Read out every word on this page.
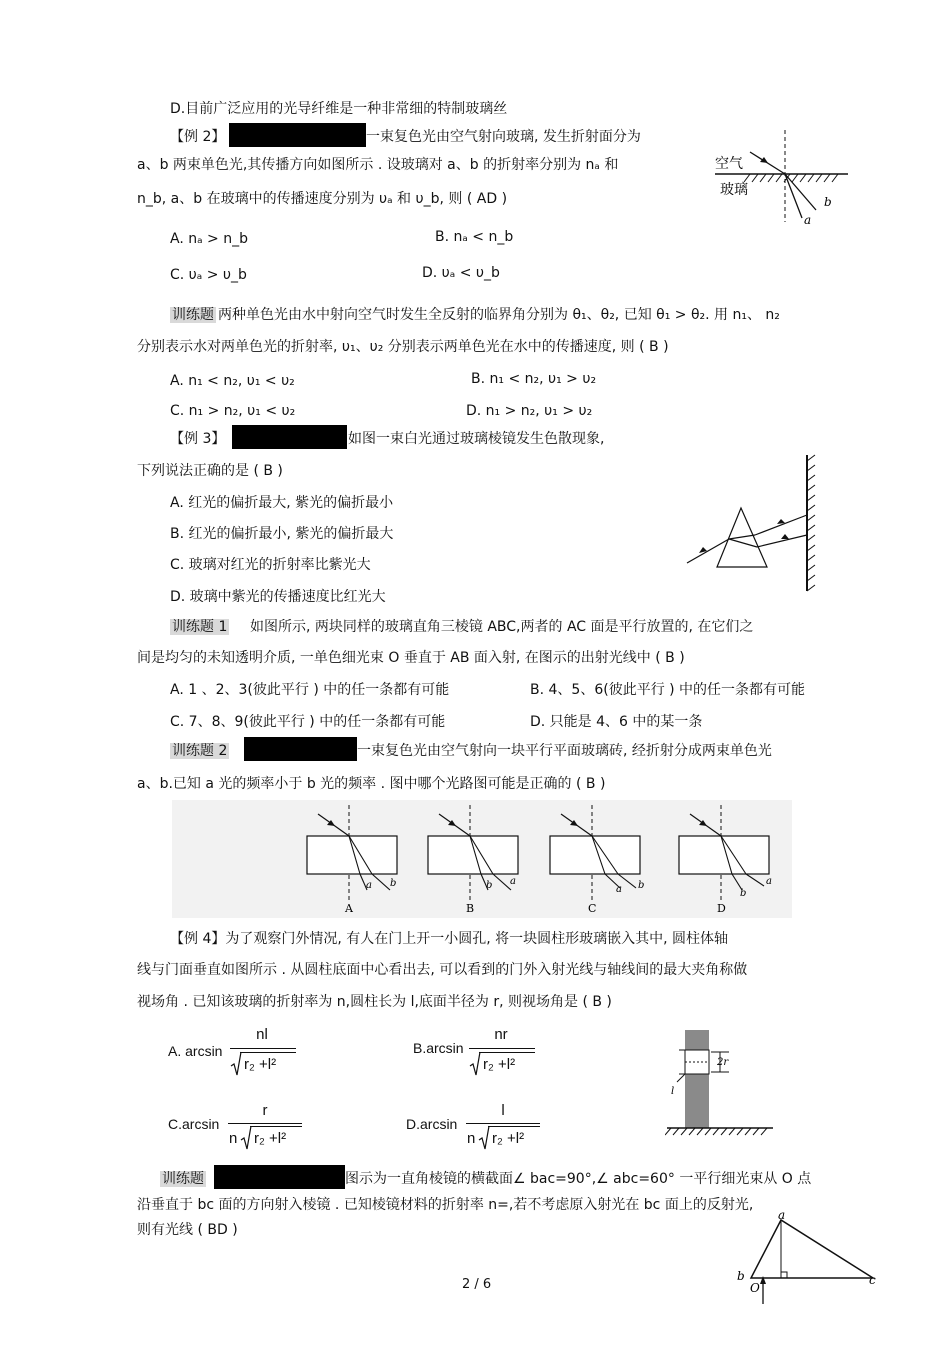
D.目前广泛应用的光导纤维是一种非常细的特制玻璃丝
【例 2】	一束复色光由空气射向玻璃, 发生折射面分为
a、b 两束单色光,其传播方向如图所示 . 设玻璃对 a、b 的折射率分别为 nₐ 和
n_b, a、b 在玻璃中的传播速度分别为 υₐ 和 υ_b, 则 ( AD )
A. nₐ > n_b	B. nₐ < n_b
C. υₐ > υ_b	D. υₐ < υ_b
空气
玻璃
a
b
训练题 两种单色光由水中射向空气时发生全反射的临界角分别为 θ₁、θ₂, 已知 θ₁ > θ₂. 用 n₁、 n₂
分别表示水对两单色光的折射率, υ₁、υ₂ 分别表示两单色光在水中的传播速度, 则 ( B )
A. n₁ < n₂, υ₁ < υ₂	B. n₁ < n₂, υ₁ > υ₂
C. n₁ > n₂, υ₁ < υ₂	D. n₁ > n₂, υ₁ > υ₂
【例 3】	如图一束白光通过玻璃棱镜发生色散现象,
下列说法正确的是 ( B )
A. 红光的偏折最大, 紫光的偏折最小
B. 红光的偏折最小, 紫光的偏折最大
C. 玻璃对红光的折射率比紫光大
D. 玻璃中紫光的传播速度比红光大
训练题 1 如图所示, 两块同样的玻璃直角三棱镜 ABC,两者的 AC 面是平行放置的, 在它们之
间是均匀的未知透明介质, 一单色细光束 O 垂直于 AB 面入射, 在图示的出射光线中 ( B )
A. 1 、2、3(彼此平行 ) 中的任一条都有可能	B. 4、5、6(彼此平行 ) 中的任一条都有可能
C. 7、8、9(彼此平行 ) 中的任一条都有可能	D. 只能是 4、6 中的某一条
训练题 2	一束复色光由空气射向一块平行平面玻璃砖, 经折射分成两束单色光
a、b.已知 a 光的频率小于 b 光的频率 . 图中哪个光路图可能是正确的 ( B )
a b
A
b a
B
a b
C
b
a
D
【例 4】为了观察门外情况, 有人在门上开一小圆孔, 将一块圆柱形玻璃嵌入其中, 圆柱体轴
线与门面垂直如图所示 . 从圆柱底面中心看出去, 可以看到的门外入射光线与轴线间的最大夹角称做
视场角 . 已知该玻璃的折射率为 n,圆柱长为 l,底面半径为 r, 则视场角是 ( B )
A. arcsin
nl
r₂ +l²
B.arcsin
nr
r₂ +l²
C.arcsin
r
n r₂ +l²
D.arcsin
l
n r₂ +l²
2r
l
训练题	图示为一直角棱镜的横截面∠ bac=90°,∠ abc=60° 一平行细光束从 O 点
沿垂直于 bc 面的方向射入棱镜 . 已知棱镜材料的折射率 n=,若不考虑原入射光在 bc 面上的反射光,
则有光线 ( BD )
a
b	c
O
2 / 6
